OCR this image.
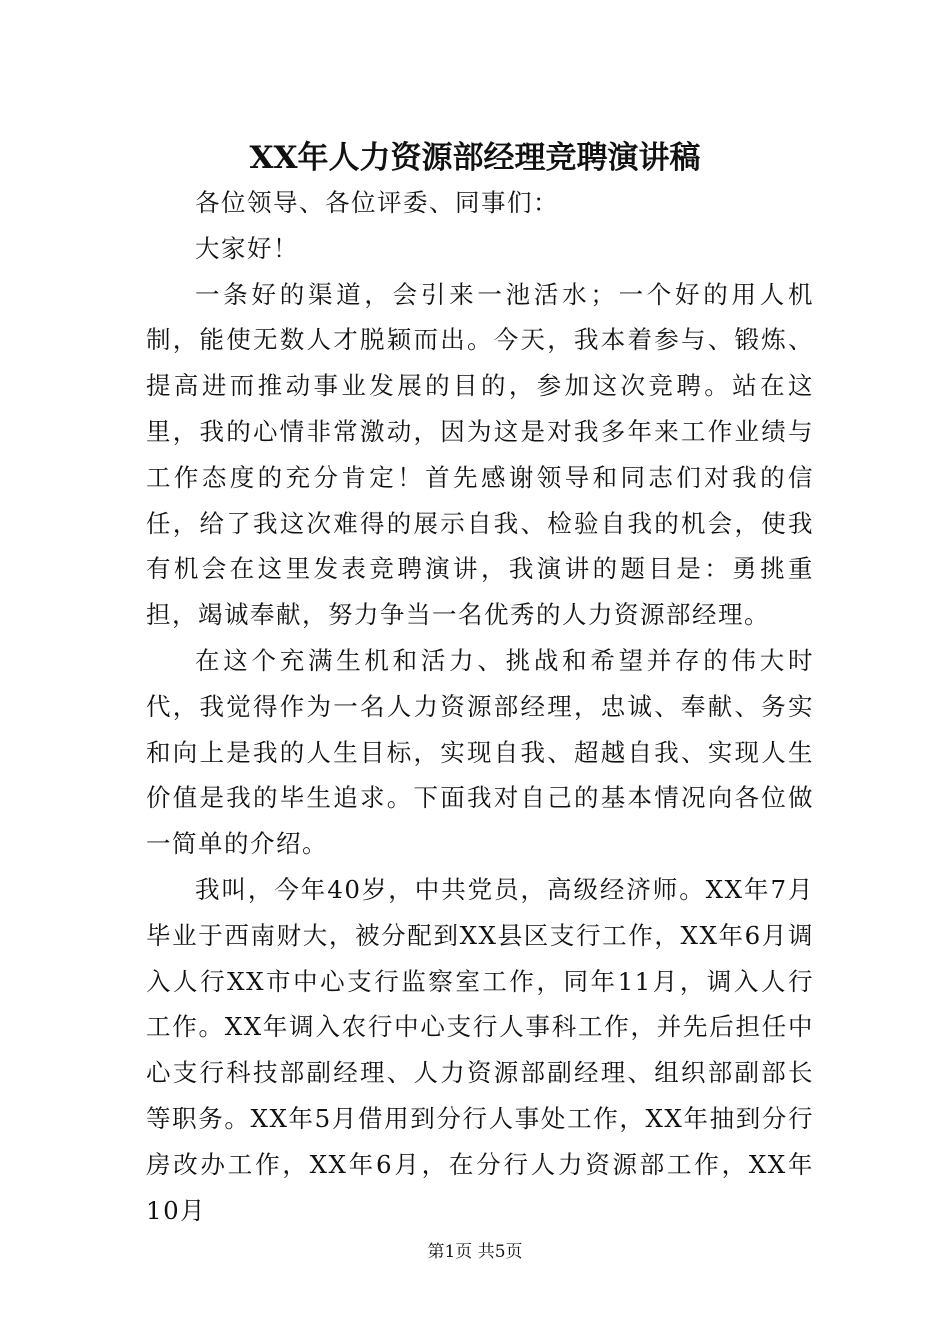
XX年人力资源部经理竞聘演讲稿

各位领导、各位评委、同事们：

大家好！

一条好的渠道，会引来一池活水；一个好的用人机制，能使无数人才脱颖而出。今天，我本着参与、锻炼、提高进而推动事业发展的目的，参加这次竞聘。站在这里，我的心情非常激动，因为这是对我多年来工作业绩与工作态度的充分肯定！首先感谢领导和同志们对我的信任，给了我这次难得的展示自我、检验自我的机会，使我有机会在这里发表竞聘演讲，我演讲的题目是：勇挑重担，竭诚奉献，努力争当一名优秀的人力资源部经理。

在这个充满生机和活力、挑战和希望并存的伟大时代，我觉得作为一名人力资源部经理，忠诚、奉献、务实和向上是我的人生目标，实现自我、超越自我、实现人生价值是我的毕生追求。下面我对自己的基本情况向各位做一简单的介绍。

我叫，今年40岁，中共党员，高级经济师。XX年7月毕业于西南财大，被分配到XX县区支行工作，XX年6月调入人行XX市中心支行监察室工作，同年11月，调入人行工作。XX年调入农行中心支行人事科工作，并先后担任中心支行科技部副经理、人力资源部副经理、组织部副部长等职务。XX年5月借用到分行人事处工作，XX年抽到分行房改办工作，XX年6月，在分行人力资源部工作，XX年10月

第1页 共5页
